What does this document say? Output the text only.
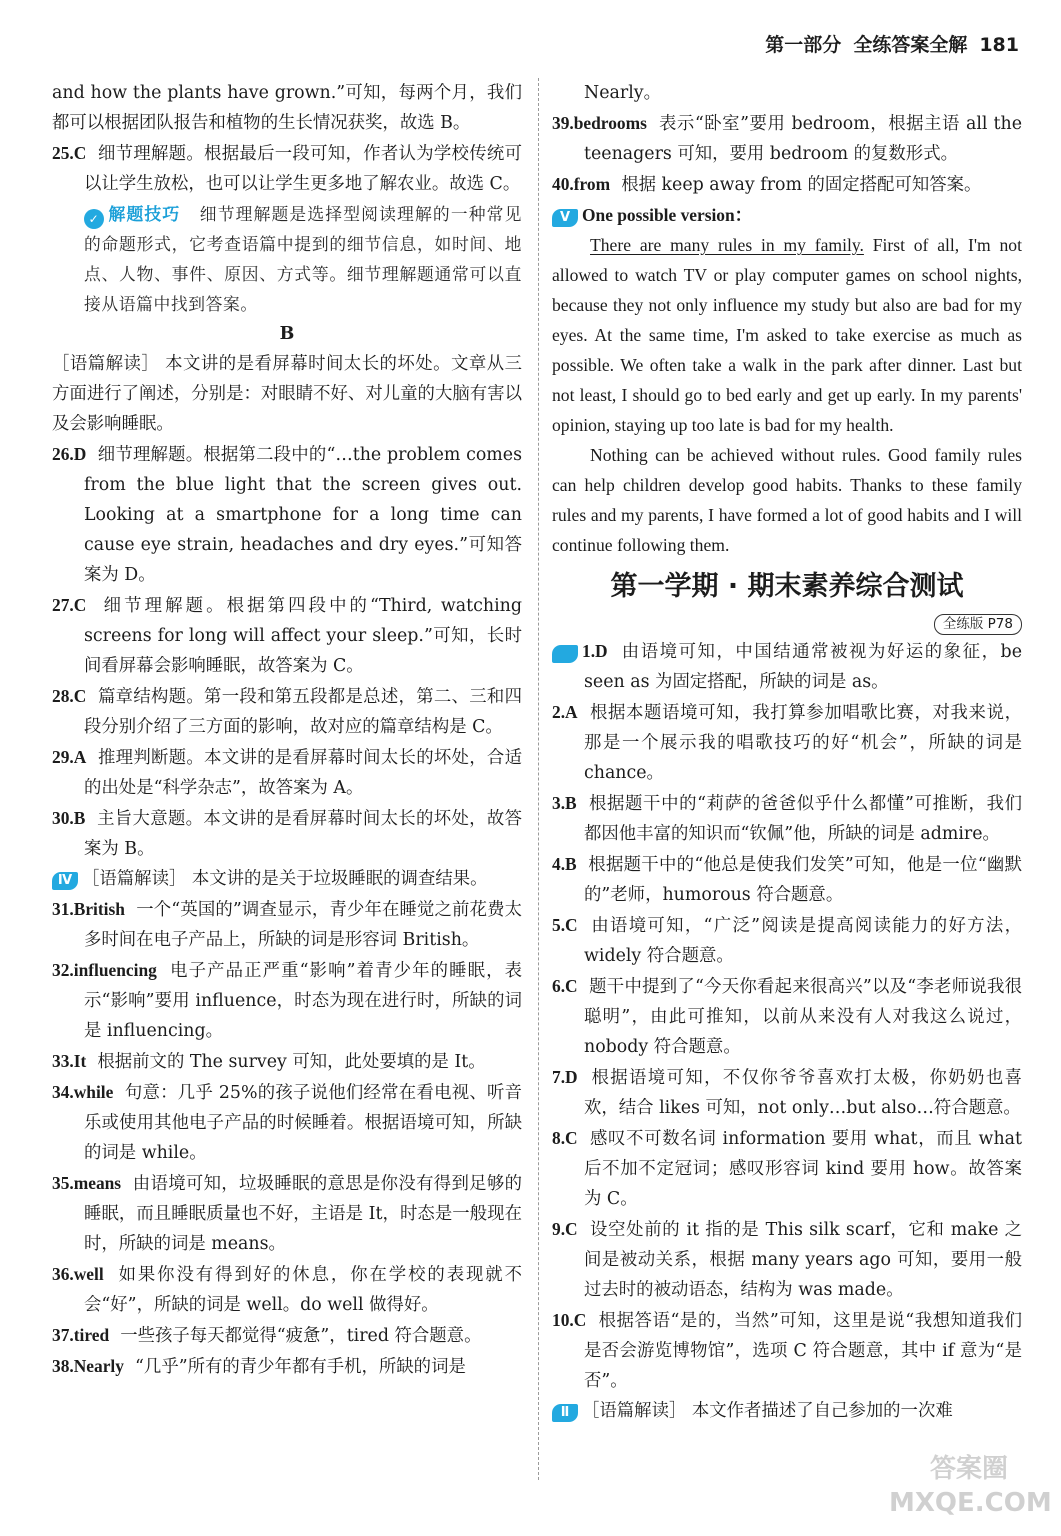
第一部分 全练答案全解 181

and how the plants have grown.”可知，每两个月，我们都可以根据团队报告和植物的生长情况获奖，故选 B。

25.C 细节理解题。根据最后一段可知，作者认为学校传统可以让学生放松，也可以让学生更多地了解农业。故选 C。

✓ 解题技巧 细节理解题是选择型阅读理解的一种常见的命题形式，它考查语篇中提到的细节信息，如时间、地点、人物、事件、原因、方式等。细节理解题通常可以直接从语篇中找到答案。

B

［语篇解读］ 本文讲的是看屏幕时间太长的坏处。文章从三方面进行了阐述，分别是：对眼睛不好、对儿童的大脑有害以及会影响睡眠。

26.D 细节理解题。根据第二段中的“…the problem comes from the blue light that the screen gives out. Looking at a smartphone for a long time can cause eye strain, headaches and dry eyes.”可知答案为 D。

27.C 细节理解题。根据第四段中的“Third, watching screens for long will affect your sleep.”可知，长时间看屏幕会影响睡眠，故答案为 C。

28.C 篇章结构题。第一段和第五段都是总述，第二、三和四段分别介绍了三方面的影响，故对应的篇章结构是 C。

29.A 推理判断题。本文讲的是看屏幕时间太长的坏处，合适的出处是“科学杂志”，故答案为 A。

30.B 主旨大意题。本文讲的是看屏幕时间太长的坏处，故答案为 B。

Ⅳ ［语篇解读］ 本文讲的是关于垃圾睡眠的调查结果。

31.British 一个“英国的”调查显示，青少年在睡觉之前花费太多时间在电子产品上，所缺的词是形容词 British。

32.influencing 电子产品正严重“影响”着青少年的睡眠，表示“影响”要用 influence，时态为现在进行时，所缺的词是 influencing。

33.It 根据前文的 The survey 可知，此处要填的是 It。

34.while 句意：几乎 25%的孩子说他们经常在看电视、听音乐或使用其他电子产品的时候睡着。根据语境可知，所缺的词是 while。

35.means 由语境可知，垃圾睡眠的意思是你没有得到足够的睡眠，而且睡眠质量也不好，主语是 It，时态是一般现在时，所缺的词是 means。

36.well 如果你没有得到好的休息，你在学校的表现就不会“好”，所缺的词是 well。do well 做得好。

37.tired 一些孩子每天都觉得“疲惫”，tired 符合题意。

38.Nearly “几乎”所有的青少年都有手机，所缺的词是

Nearly。

39.bedrooms 表示“卧室”要用 bedroom，根据主语 all the teenagers 可知，要用 bedroom 的复数形式。

40.from 根据 keep away from 的固定搭配可知答案。

Ⅴ One possible version：

There are many rules in my family. First of all, I'm not allowed to watch TV or play computer games on school nights, because they not only influence my study but also are bad for my eyes. At the same time, I'm asked to take exercise as much as possible. We often take a walk in the park after dinner. Last but not least, I should go to bed early and get up early. In my parents' opinion, staying up too late is bad for my health.

Nothing can be achieved without rules. Good family rules can help children develop good habits. Thanks to these family rules and my parents, I have formed a lot of good habits and I will continue following them.

第一学期 · 期末素养综合测试
全练版 P78

Ⅰ 1.D 由语境可知，中国结通常被视为好运的象征，be seen as 为固定搭配，所缺的词是 as。

2.A 根据本题语境可知，我打算参加唱歌比赛，对我来说，那是一个展示我的唱歌技巧的好“机会”，所缺的词是 chance。

3.B 根据题干中的“莉萨的爸爸似乎什么都懂”可推断，我们都因他丰富的知识而“钦佩”他，所缺的词是 admire。

4.B 根据题干中的“他总是使我们发笑”可知，他是一位“幽默的”老师，humorous 符合题意。

5.C 由语境可知，“广泛”阅读是提高阅读能力的好方法，widely 符合题意。

6.C 题干中提到了“今天你看起来很高兴”以及“李老师说我很聪明”，由此可推知，以前从来没有人对我这么说过，nobody 符合题意。

7.D 根据语境可知，不仅你爷爷喜欢打太极，你奶奶也喜欢，结合 likes 可知，not only…but also…符合题意。

8.C 感叹不可数名词 information 要用 what，而且 what 后不加不定冠词；感叹形容词 kind 要用 how。故答案为 C。

9.C 设空处前的 it 指的是 This silk scarf，它和 make 之间是被动关系，根据 many years ago 可知，要用一般过去时的被动语态，结构为 was made。

10.C 根据答语“是的，当然”可知，这里是说“我想知道我们是否会游览博物馆”，选项 C 符合题意，其中 if 意为“是否”。

Ⅱ ［语篇解读］ 本文作者描述了自己参加的一次难

答案圈
MXQE.COM
